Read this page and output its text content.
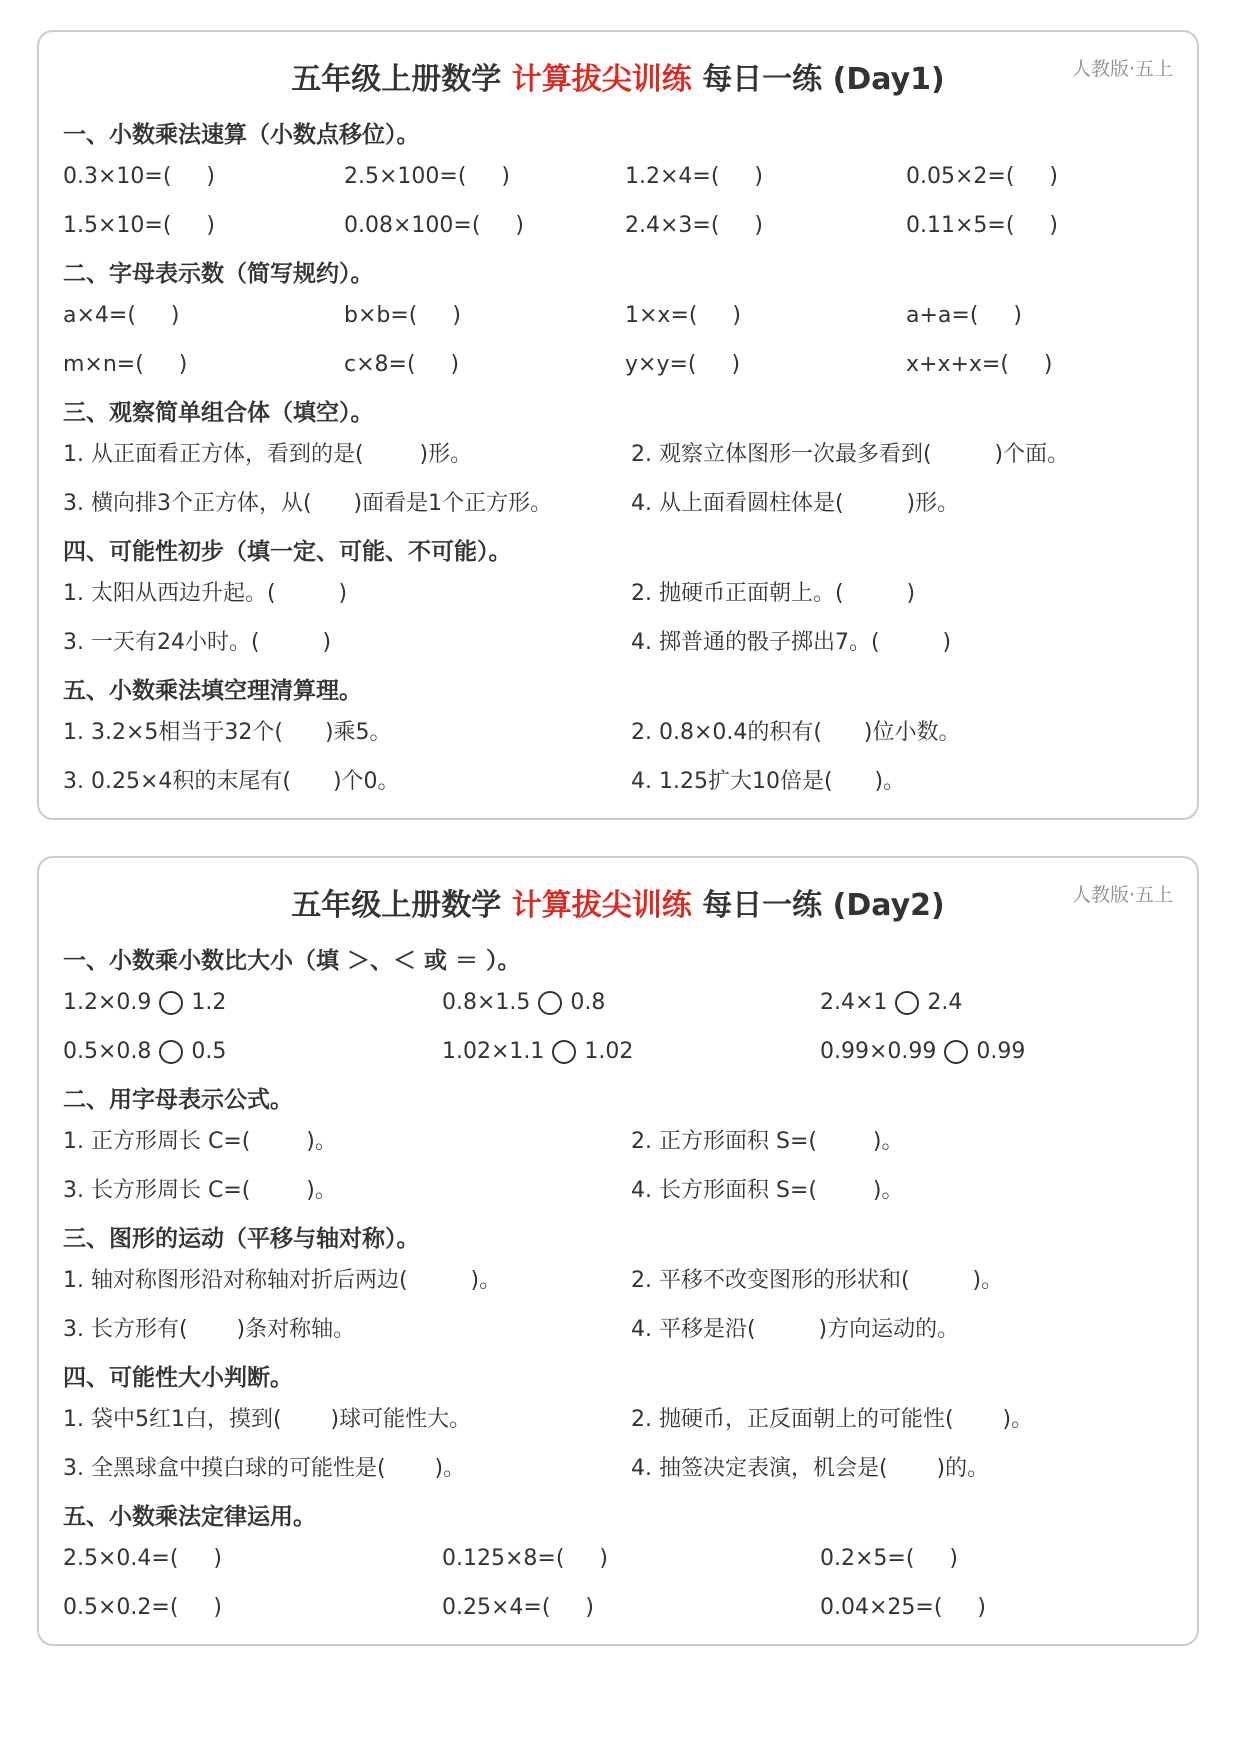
五年级上册数学 计算拔尖训练 每日一练 (Day1)	人教版·五上
一、小数乘法速算（小数点移位）。
0.3×10=(     )	2.5×100=(     )	1.2×4=(     )	0.05×2=(     )
1.5×10=(     )	0.08×100=(     )	2.4×3=(     )	0.11×5=(     )
二、字母表示数（简写规约）。
a×4=(     )	b×b=(     )	1×x=(     )	a+a=(     )
m×n=(     )	c×8=(     )	y×y=(     )	x+x+x=(     )
三、观察简单组合体（填空）。
1. 从正面看正方体，看到的是(        )形。	2. 观察立体图形一次最多看到(         )个面。
3. 横向排3个正方体，从(      )面看是1个正方形。	4. 从上面看圆柱体是(         )形。
四、可能性初步（填一定、可能、不可能）。
1. 太阳从西边升起。(         )	2. 抛硬币正面朝上。(         )
3. 一天有24小时。(         )	4. 掷普通的骰子掷出7。(         )
五、小数乘法填空理清算理。
1. 3.2×5相当于32个(      )乘5。	2. 0.8×0.4的积有(      )位小数。
3. 0.25×4积的末尾有(      )个0。	4. 1.25扩大10倍是(      )。
五年级上册数学 计算拔尖训练 每日一练 (Day2)	人教版·五上
一、小数乘小数比大小（填 ＞、＜ 或 ＝ ）。
1.2×0.9 1.2	0.8×1.5 0.8	2.4×1 2.4
0.5×0.8 0.5	1.02×1.1 1.02	0.99×0.99 0.99
二、用字母表示公式。
1. 正方形周长 C=(        )。	2. 正方形面积 S=(        )。
3. 长方形周长 C=(        )。	4. 长方形面积 S=(        )。
三、图形的运动（平移与轴对称）。
1. 轴对称图形沿对称轴对折后两边(         )。	2. 平移不改变图形的形状和(         )。
3. 长方形有(       )条对称轴。	4. 平移是沿(         )方向运动的。
四、可能性大小判断。
1. 袋中5红1白，摸到(       )球可能性大。	2. 抛硬币，正反面朝上的可能性(       )。
3. 全黑球盒中摸白球的可能性是(       )。	4. 抽签决定表演，机会是(       )的。
五、小数乘法定律运用。
2.5×0.4=(     )	0.125×8=(     )	0.2×5=(     )
0.5×0.2=(     )	0.25×4=(     )	0.04×25=(     )
